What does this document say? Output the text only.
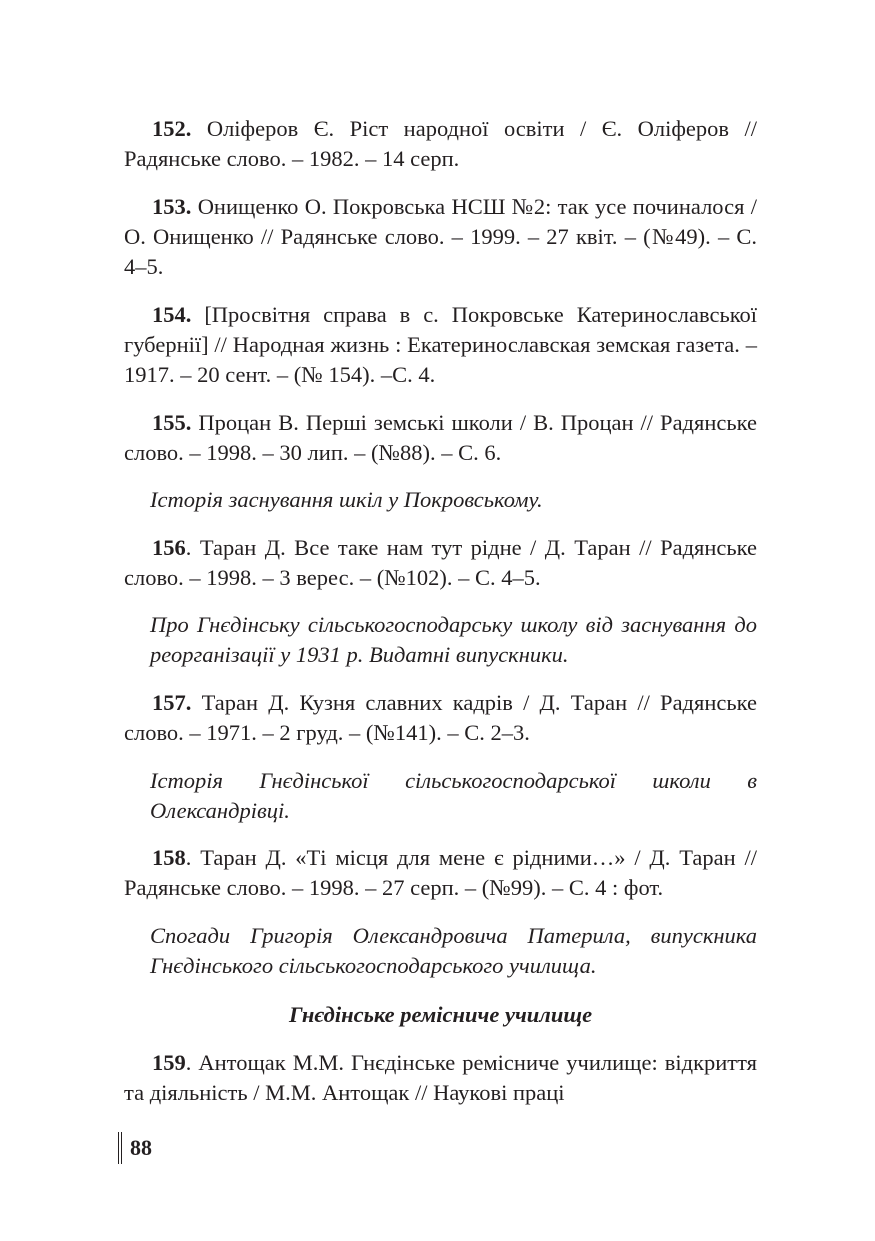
152. Оліферов Є. Ріст народної освіти / Є. Оліферов // Радянське слово. – 1982. – 14 серп.

153. Онищенко О. Покровська НСШ №2: так усе починалося / О. Онищенко // Радянське слово. – 1999. – 27 квіт. – (№49). – С. 4–5.

154. [Просвітня справа в с. Покровське Катеринославської губернії] // Народная жизнь : Екатеринославская земская газета. – 1917. – 20 сент. – (№ 154). –С. 4.

155. Процан В. Перші земські школи / В. Процан // Радянське слово. – 1998. – 30 лип. – (№88). – С. 6.

Історія заснування шкіл у Покровському.

156. Таран Д. Все таке нам тут рідне / Д. Таран // Радянське слово. – 1998. – 3 верес. – (№102). – С. 4–5.

Про Гнєдінську сільськогосподарську школу від заснування до реорганізації у 1931 р. Видатні випускники.

157. Таран Д. Кузня славних кадрів / Д. Таран // Радянське слово. – 1971. – 2 груд. – (№141). – С. 2–3.

Історія Гнєдінської сільськогосподарської школи в Олександрівці.

158. Таран Д. «Ті місця для мене є рідними…» / Д. Таран // Радянське слово. – 1998. – 27 серп. – (№99). – С. 4 : фот.

Спогади Григорія Олександровича Патерила, випускника Гнєдінського сільськогосподарського училища.

Гнєдінське ремісниче училище

159. Антощак М.М. Гнєдінське ремісниче училище: відкриття та діяльність / М.М. Антощак // Наукові праці

88
